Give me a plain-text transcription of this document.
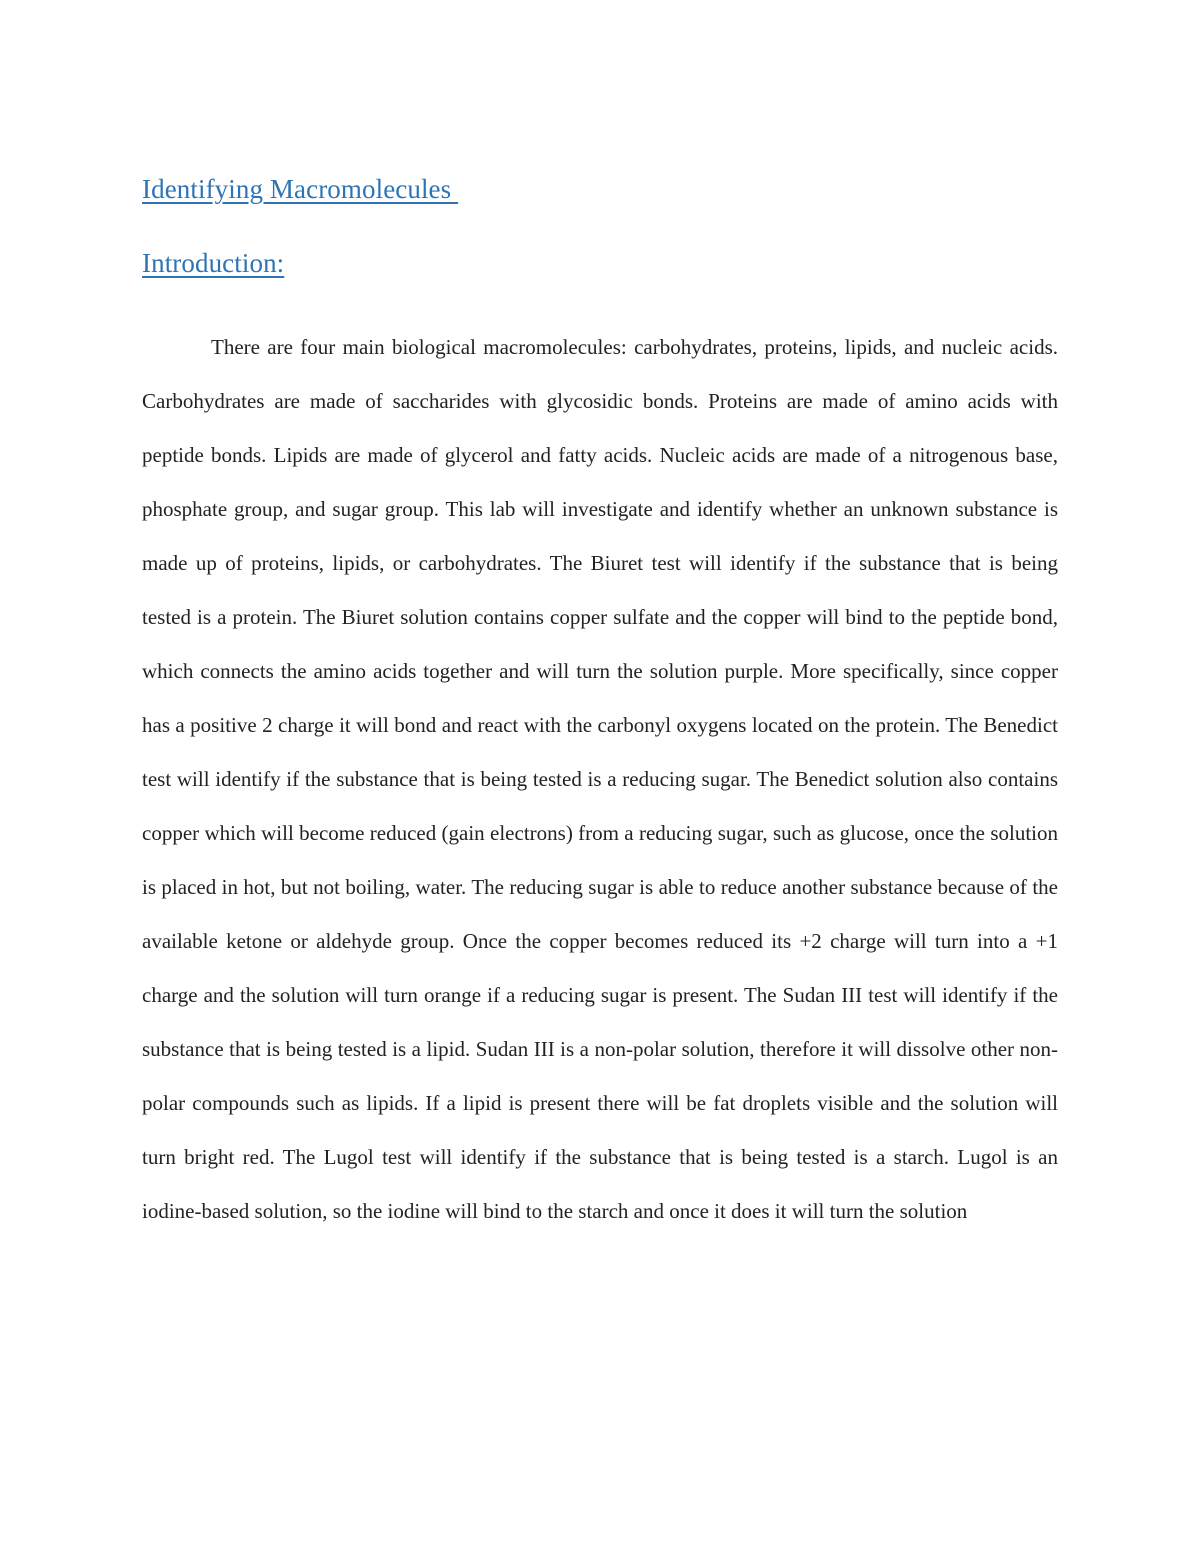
Identifying Macromolecules
Introduction:

There are four main biological macromolecules: carbohydrates, proteins, lipids, and nucleic acids. Carbohydrates are made of saccharides with glycosidic bonds. Proteins are made of amino acids with peptide bonds. Lipids are made of glycerol and fatty acids. Nucleic acids are made of a nitrogenous base, phosphate group, and sugar group. This lab will investigate and identify whether an unknown substance is made up of proteins, lipids, or carbohydrates. The Biuret test will identify if the substance that is being tested is a protein. The Biuret solution contains copper sulfate and the copper will bind to the peptide bond, which connects the amino acids together and will turn the solution purple. More specifically, since copper has a positive 2 charge it will bond and react with the carbonyl oxygens located on the protein. The Benedict test will identify if the substance that is being tested is a reducing sugar. The Benedict solution also contains copper which will become reduced (gain electrons) from a reducing sugar, such as glucose, once the solution is placed in hot, but not boiling, water. The reducing sugar is able to reduce another substance because of the available ketone or aldehyde group. Once the copper becomes reduced its +2 charge will turn into a +1 charge and the solution will turn orange if a reducing sugar is present. The Sudan III test will identify if the substance that is being tested is a lipid. Sudan III is a non-polar solution, therefore it will dissolve other non-polar compounds such as lipids. If a lipid is present there will be fat droplets visible and the solution will turn bright red. The Lugol test will identify if the substance that is being tested is a starch. Lugol is an iodine-based solution, so the iodine will bind to the starch and once it does it will turn the solution
